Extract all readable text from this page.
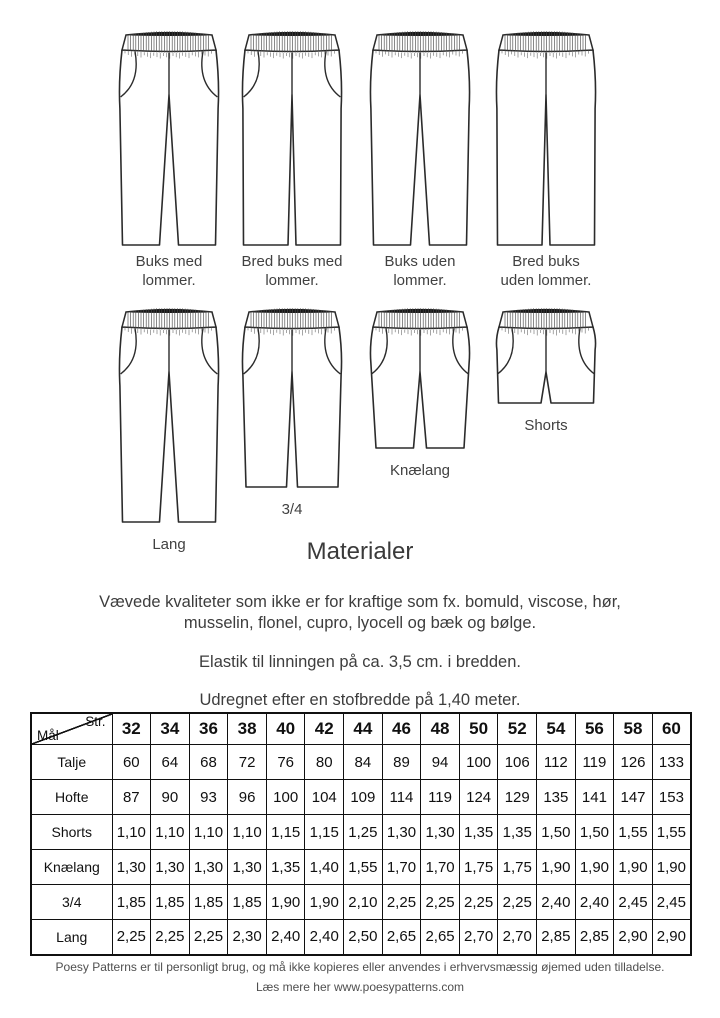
Buks med lommer.
Bred buks med lommer.
Buks uden lommer.
Bred buks uden lommer.
Lang
3/4
Knælang
Shorts
Materialer

Vævede kvaliteter som ikke er for kraftige som fx. bomuld, viscose, hør, musselin, flonel, cupro, lyocell og bæk og bølge.

Elastik til linningen på ca. 3,5 cm. i bredden.

Udregnet efter en stofbredde på 1,40 meter.

Str.
Mål	32	34	36	38	40	42	44	46	48	50	52	54	56	58	60
Talje	60	64	68	72	76	80	84	89	94	100	106	112	119	126	133
Hofte	87	90	93	96	100	104	109	114	119	124	129	135	141	147	153
Shorts	1,10	1,10	1,10	1,10	1,15	1,15	1,25	1,30	1,30	1,35	1,35	1,50	1,50	1,55	1,55
Knælang	1,30	1,30	1,30	1,30	1,35	1,40	1,55	1,70	1,70	1,75	1,75	1,90	1,90	1,90	1,90
3/4	1,85	1,85	1,85	1,85	1,90	1,90	2,10	2,25	2,25	2,25	2,25	2,40	2,40	2,45	2,45
Lang	2,25	2,25	2,25	2,30	2,40	2,40	2,50	2,65	2,65	2,70	2,70	2,85	2,85	2,90	2,90
Poesy Patterns er til personligt brug, og må ikke kopieres eller anvendes i erhvervsmæssig øjemed uden tilladelse.
Læs mere her www.poesypatterns.com
